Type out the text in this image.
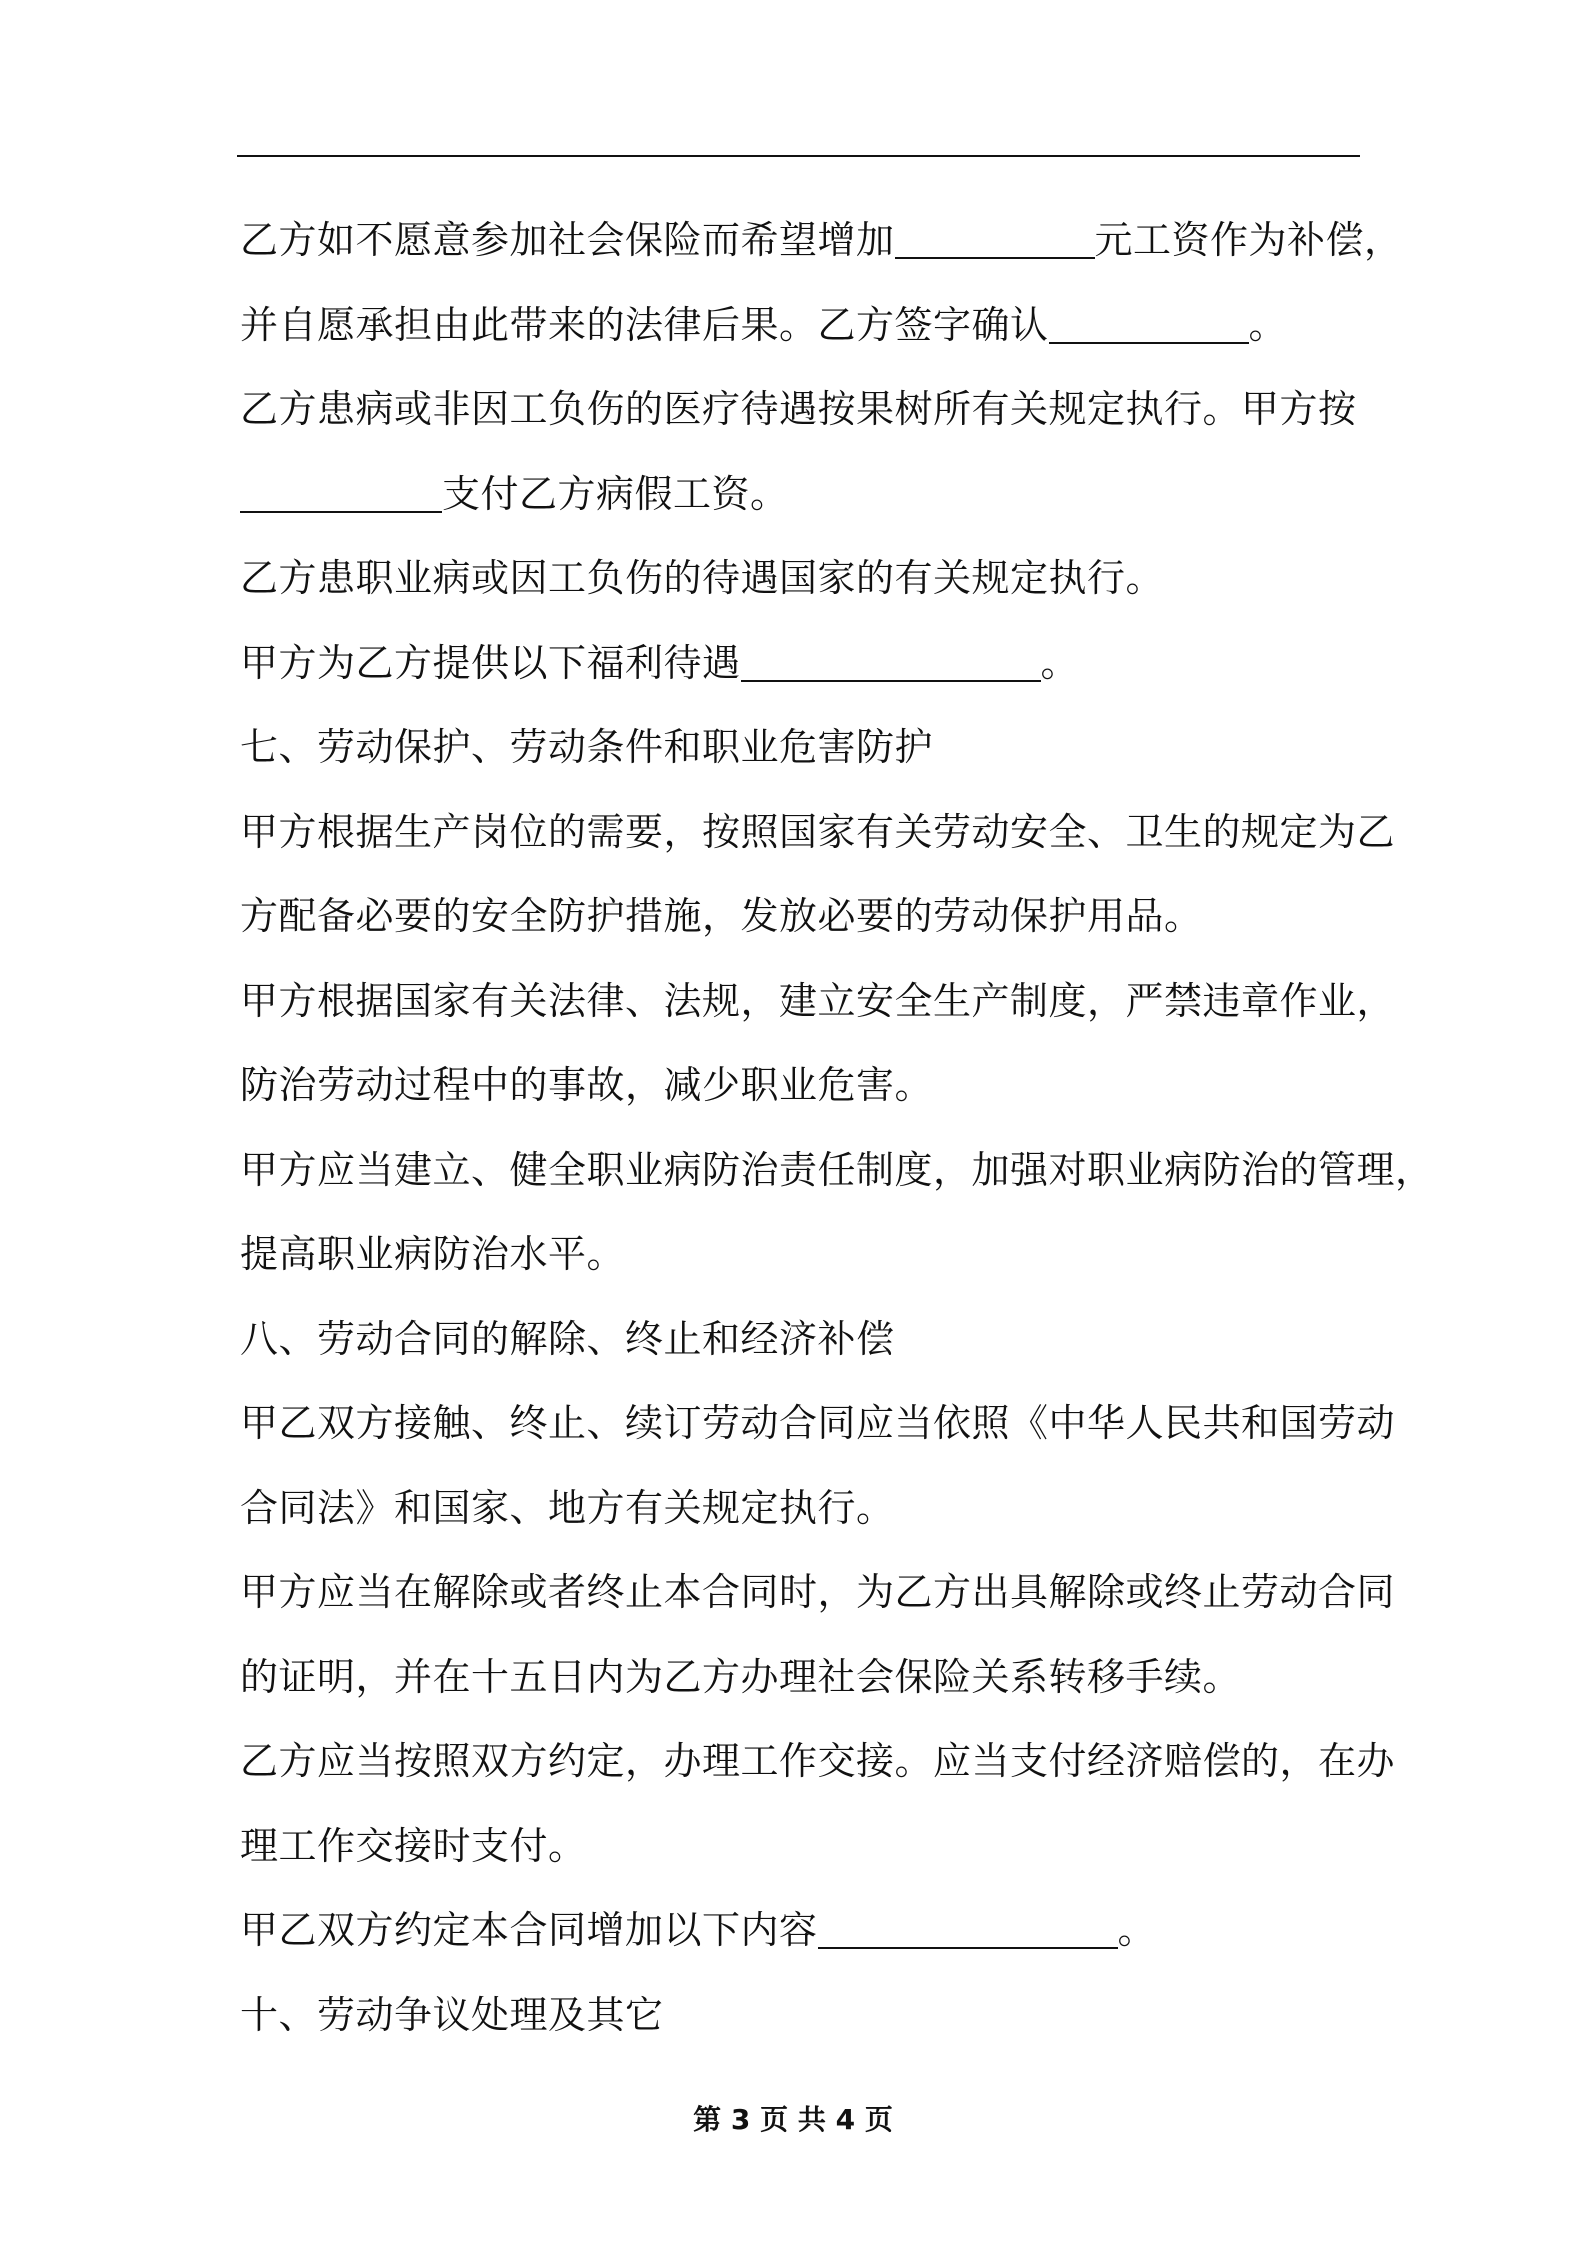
乙方如不愿意参加社会保险而希望增加	元工资作为补偿，
并自愿承担由此带来的法律后果。乙方签字确认	。
乙方患病或非因工负伤的医疗待遇按果树所有关规定执行。甲方按
支付乙方病假工资。
乙方患职业病或因工负伤的待遇国家的有关规定执行。
甲方为乙方提供以下福利待遇	。
七、劳动保护、劳动条件和职业危害防护
甲方根据生产岗位的需要，按照国家有关劳动安全、卫生的规定为乙
方配备必要的安全防护措施，发放必要的劳动保护用品。
甲方根据国家有关法律、法规，建立安全生产制度，严禁违章作业，
防治劳动过程中的事故，减少职业危害。
甲方应当建立、健全职业病防治责任制度，加强对职业病防治的管理，
提高职业病防治水平。
八、劳动合同的解除、终止和经济补偿
甲乙双方接触、终止、续订劳动合同应当依照《中华人民共和国劳动
合同法》和国家、地方有关规定执行。
甲方应当在解除或者终止本合同时，为乙方出具解除或终止劳动合同
的证明，并在十五日内为乙方办理社会保险关系转移手续。
乙方应当按照双方约定，办理工作交接。应当支付经济赔偿的，在办
理工作交接时支付。
甲乙双方约定本合同增加以下内容	。
十、劳动争议处理及其它
第 3 页 共 4 页
